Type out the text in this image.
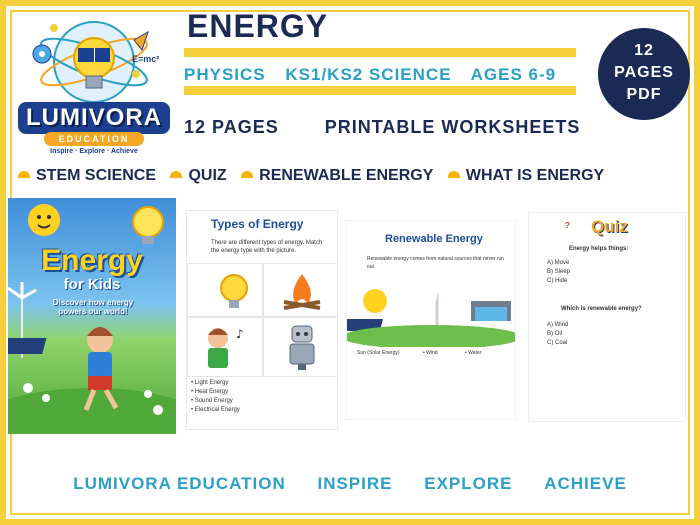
E=mc²
LUMIVORA
EDUCATION
Inspire · Explore · Achieve
ENERGY
PHYSICS KS1/KS2 SCIENCE AGES 6-9
12 PAGES	PRINTABLE WORKSHEETS
12
PAGES
PDF
STEM SCIENCE QUIZ RENEWABLE ENERGY WHAT IS ENERGY
Energy
for Kids
Discover how energy powers our world!
Types of Energy
There are different types of energy. Match the energy type with the picture.
♪
• Light Energy
• Heat Energy
• Sound Energy
• Electrical Energy
Renewable Energy
Renewable energy comes from natural sources that never run out.
Sun (Solar Energy)	• Wind	• Water
? Quiz
Energy helps things:
A) Move
B) Sleep
C) Hide
Which is renewable energy?
A) Wind
B) Oil
C) Coal
LUMIVORA EDUCATION INSPIRE EXPLORE ACHIEVE
